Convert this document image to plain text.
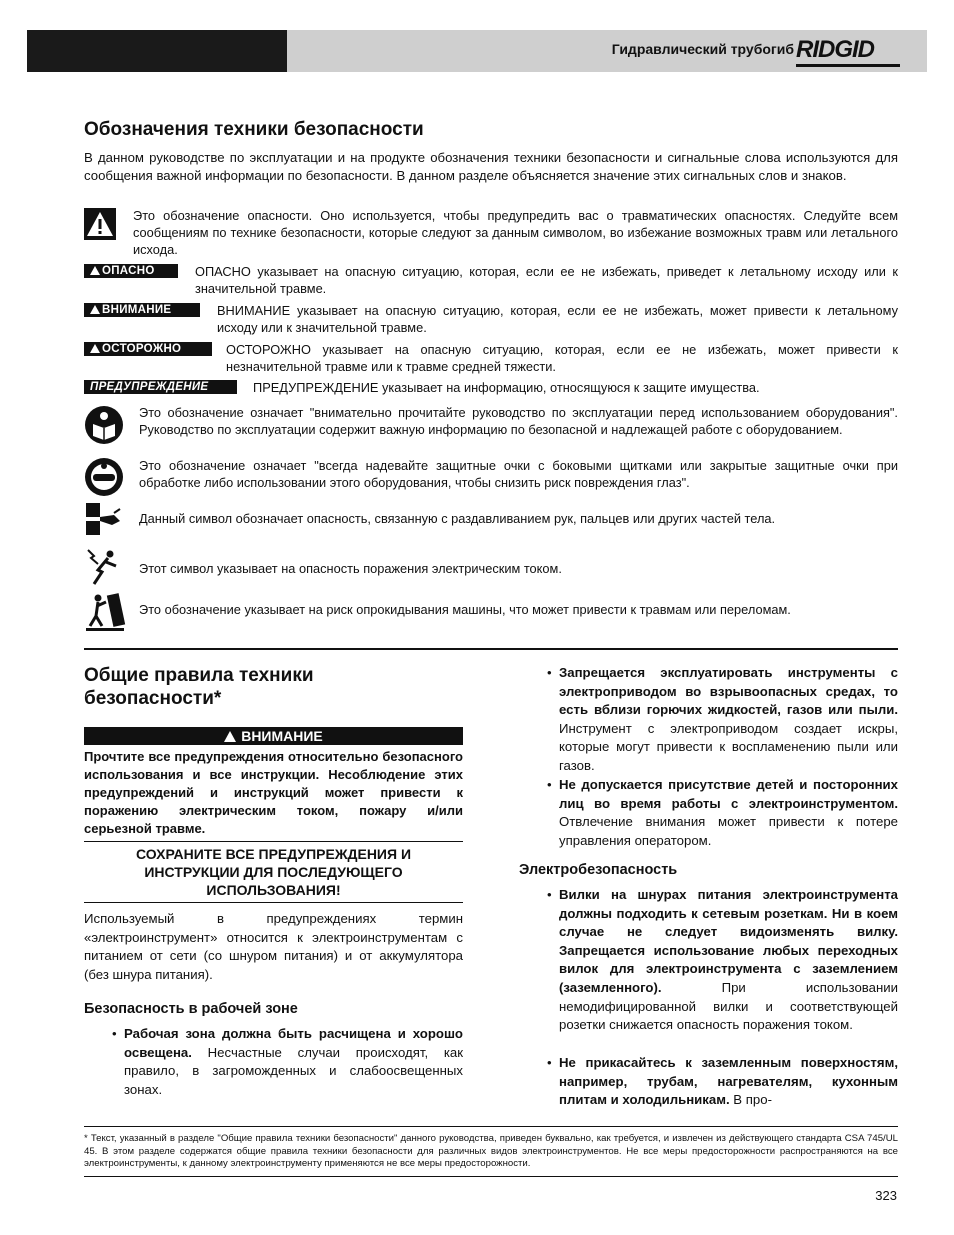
Гидравлический трубогиб RIDGID
Обозначения техники безопасности
В данном руководстве по эксплуатации и на продукте обозначения техники безопасности и сигнальные слова используются для сообщения важной информации по безопасности. В данном разделе объясняется значение этих сигнальных слов и знаков.
Это обозначение опасности. Оно используется, чтобы предупредить вас о травматических опасностях. Следуйте всем сообщениям по технике безопасности, которые следуют за данным символом, во избежание возможных травм или летального исхода.
ОПАСНО	ОПАСНО указывает на опасную ситуацию, которая, если ее не избежать, приведет к летальному исходу или к значительной травме.
ВНИМАНИЕ	ВНИМАНИЕ указывает на опасную ситуацию, которая, если ее не избежать, может привести к летальному исходу или к значительной травме.
ОСТОРОЖНО	ОСТОРОЖНО указывает на опасную ситуацию, которая, если ее не избежать, может привести к незначительной травме или к травме средней тяжести.
ПРЕДУПРЕЖДЕНИЕ	ПРЕДУПРЕЖДЕНИЕ указывает на информацию, относящуюся к защите имущества.
Это обозначение означает "внимательно прочитайте руководство по эксплуатации перед использованием оборудования". Руководство по эксплуатации содержит важную информацию по безопасной и надлежащей работе с оборудованием.
Это обозначение означает "всегда надевайте защитные очки с боковыми щитками или закрытые защитные очки при обработке либо использовании этого оборудования, чтобы снизить риск повреждения глаз".
Данный символ обозначает опасность, связанную с раздавливанием рук, пальцев или других частей тела.
Этот символ указывает на опасность поражения электрическим током.
Это обозначение указывает на риск опрокидывания машины, что может привести к травмам или переломам.
Общие правила техники
безопасности*
ВНИМАНИЕ
Прочтите все предупреждения относительно безопасного использования и все инструкции. Несоблюдение этих предупреждений и инструкций может привести к поражению электрическим током, пожару и/или серьезной травме.
СОХРАНИТЕ ВСЕ ПРЕДУПРЕЖДЕНИЯ И
ИНСТРУКЦИИ ДЛЯ ПОСЛЕДУЮЩЕГО
ИСПОЛЬЗОВАНИЯ!
Используемый в предупреждениях термин «электроинструмент» относится к электроинструментам с питанием от сети (со шнуром питания) и от аккумулятора (без шнура питания).
Безопасность в рабочей зоне
• Рабочая зона должна быть расчищена и хорошо освещена. Несчастные случаи происходят, как правило, в загроможденных и слабоосвещенных зонах.
• Запрещается эксплуатировать инструменты с электроприводом во взрывоопасных средах, то есть вблизи горючих жидкостей, газов или пыли. Инструмент с электроприводом создает искры, которые могут привести к воспламенению пыли или газов.
• Не допускается присутствие детей и посторонних лиц во время работы с электроинструментом. Отвлечение внимания может привести к потере управления оператором.
Электробезопасность
• Вилки на шнурах питания электроинструмента должны подходить к сетевым розеткам. Ни в коем случае не следует видоизменять вилку. Запрещается использование любых переходных вилок для электроинструмента с заземлением (заземленного). При использовании немодифицированной вилки и соответствующей розетки снижается опасность поражения током.
• Не прикасайтесь к заземленным поверхностям, например, трубам, нагревателям, кухонным плитам и холодильникам. В про-
* Текст, указанный в разделе "Общие правила техники безопасности" данного руководства, приведен буквально, как требуется, и извлечен из действующего стандарта CSA 745/UL 45. В этом разделе содержатся общие правила техники безопасности для различных видов электроинструментов. Не все меры предосторожности распространяются на все электроинструменты, к данному электроинструменту применяются не все меры предосторожности.
323
